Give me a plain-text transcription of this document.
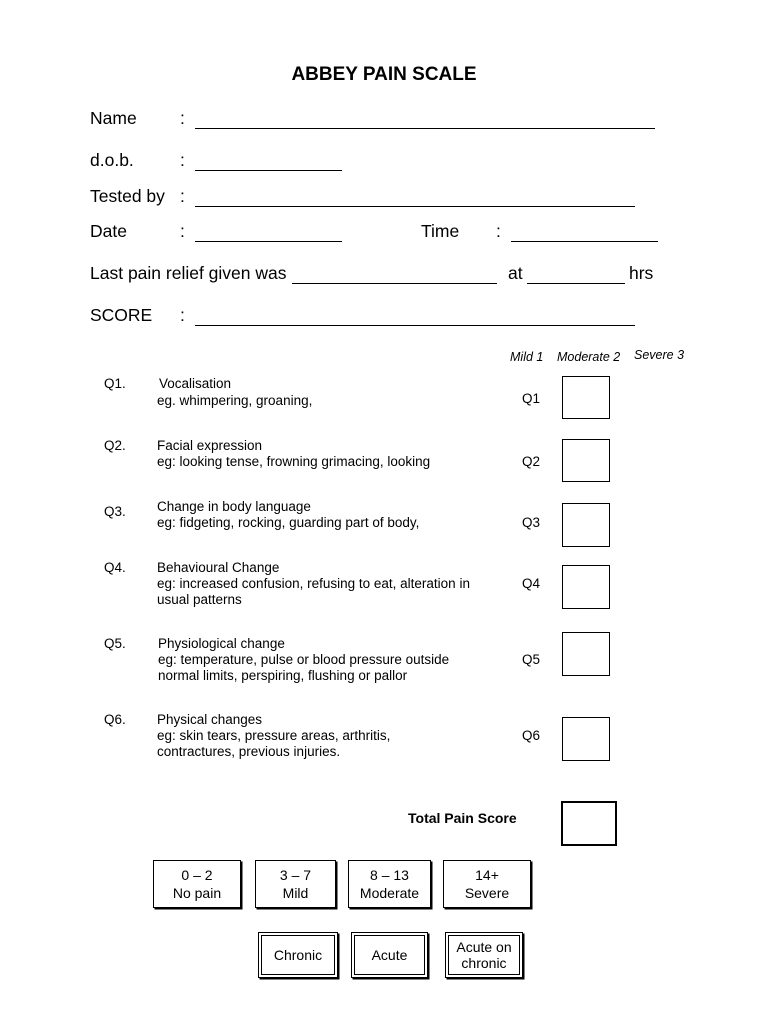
ABBEY PAIN SCALE
Name :
d.o.b.	:
Tested by :
Date	:	Time :
Last pain relief given was	at	hrs
SCORE :
Mild 1 Moderate 2 Severe 3
Q1. Vocalisation
eg. whimpering, groaning,	Q1
Q2. Facial expression
eg: looking tense, frowning grimacing, looking	Q2
Q3. Change in body language
eg: fidgeting, rocking, guarding part of body,	Q3
Q4. Behavioural Change
eg: increased confusion, refusing to eat, alteration in
usual patterns
Q4
Q5. Physiological change
eg: temperature, pulse or blood pressure outside
normal limits, perspiring, flushing or pallor
Q5
Q6. Physical changes
eg: skin tears, pressure areas, arthritis,
contractures, previous injuries.
Q6
Total Pain Score
0 – 2
No pain
3 – 7
Mild
8 – 13
Moderate
14+
Severe
Chronic	Acute	Acute on
chronic
